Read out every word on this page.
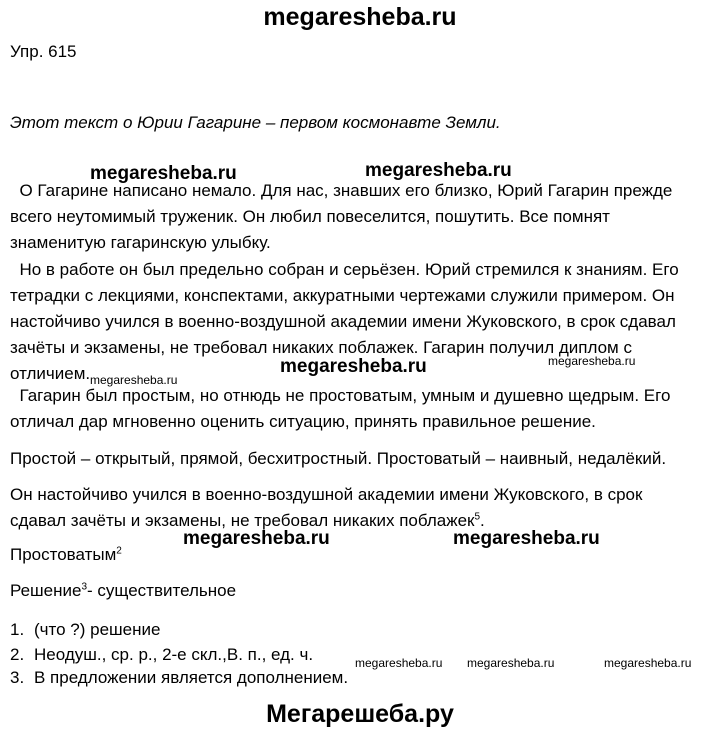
megaresheba.ru
Упр. 615
Этот текст о Юрии Гагарине – первом космонавте Земли.
megaresheba.ru	megaresheba.ru
megaresheba.ru	megaresheba.ru
megaresheba.ru
megaresheba.ru	megaresheba.ru
megaresheba.ru megaresheba.ru	megaresheba.ru

О Гагарине написано немало. Для нас, знавших его близко, Юрий Гагарин прежде

всего неутомимый труженик. Он любил повеселится, пошутить. Все помнят

знаменитую гагаринскую улыбку.

Но в работе он был предельно собран и серьёзен. Юрий стремился к знаниям. Его

тетрадки с лекциями, конспектами, аккуратными чертежами служили примером. Он

настойчиво учился в военно-воздушной академии имени Жуковского, в срок сдавал

зачёты и экзамены, не требовал никаких поблажек. Гагарин получил диплом с

отличием.

Гагарин был простым, но отнюдь не простоватым, умным и душевно щедрым. Его

отличал дар мгновенно оценить ситуацию, принять правильное решение.

Простой – открытый, прямой, бесхитростный. Простоватый – наивный, недалёкий.

Он настойчиво учился в военно-воздушной академии имени Жуковского, в срок

сдавал зачёты и экзамены, не требовал никаких поблажек$^5$.

Простоватым$^2$
Решение$^3$- существительное
1. (что ?) решение
2. Неодуш., ср. р., 2-е скл.,В. п., ед. ч.
3. В предложении является дополнением.
Мегарешеба.ру
